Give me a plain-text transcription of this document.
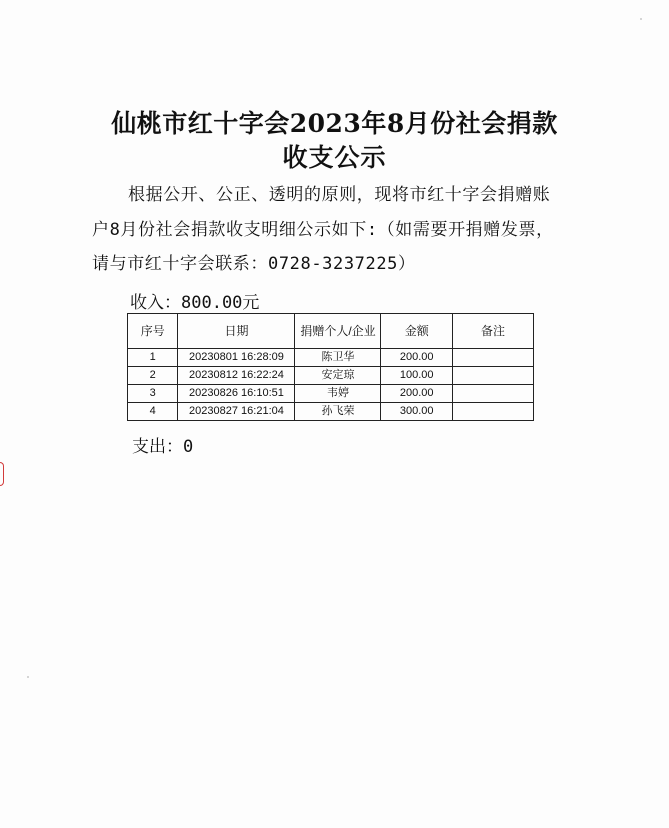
仙桃市红十字会2023年8月份社会捐款
收支公示
根据公开、公正、透明的原则，现将市红十字会捐赠账
户8月份社会捐款收支明细公示如下:（如需要开捐赠发票，
请与市红十字会联系：0728-3237225）
收入：800.00元
序号	日期	捐赠个人/企业	金额	备注
1	20230801 16:28:09	陈卫华	200.00	
2	20230812 16:22:24	安定琼	100.00	
3	20230826 16:10:51	韦婷	200.00	
4	20230827 16:21:04	孙飞荣	300.00	
支出：0
